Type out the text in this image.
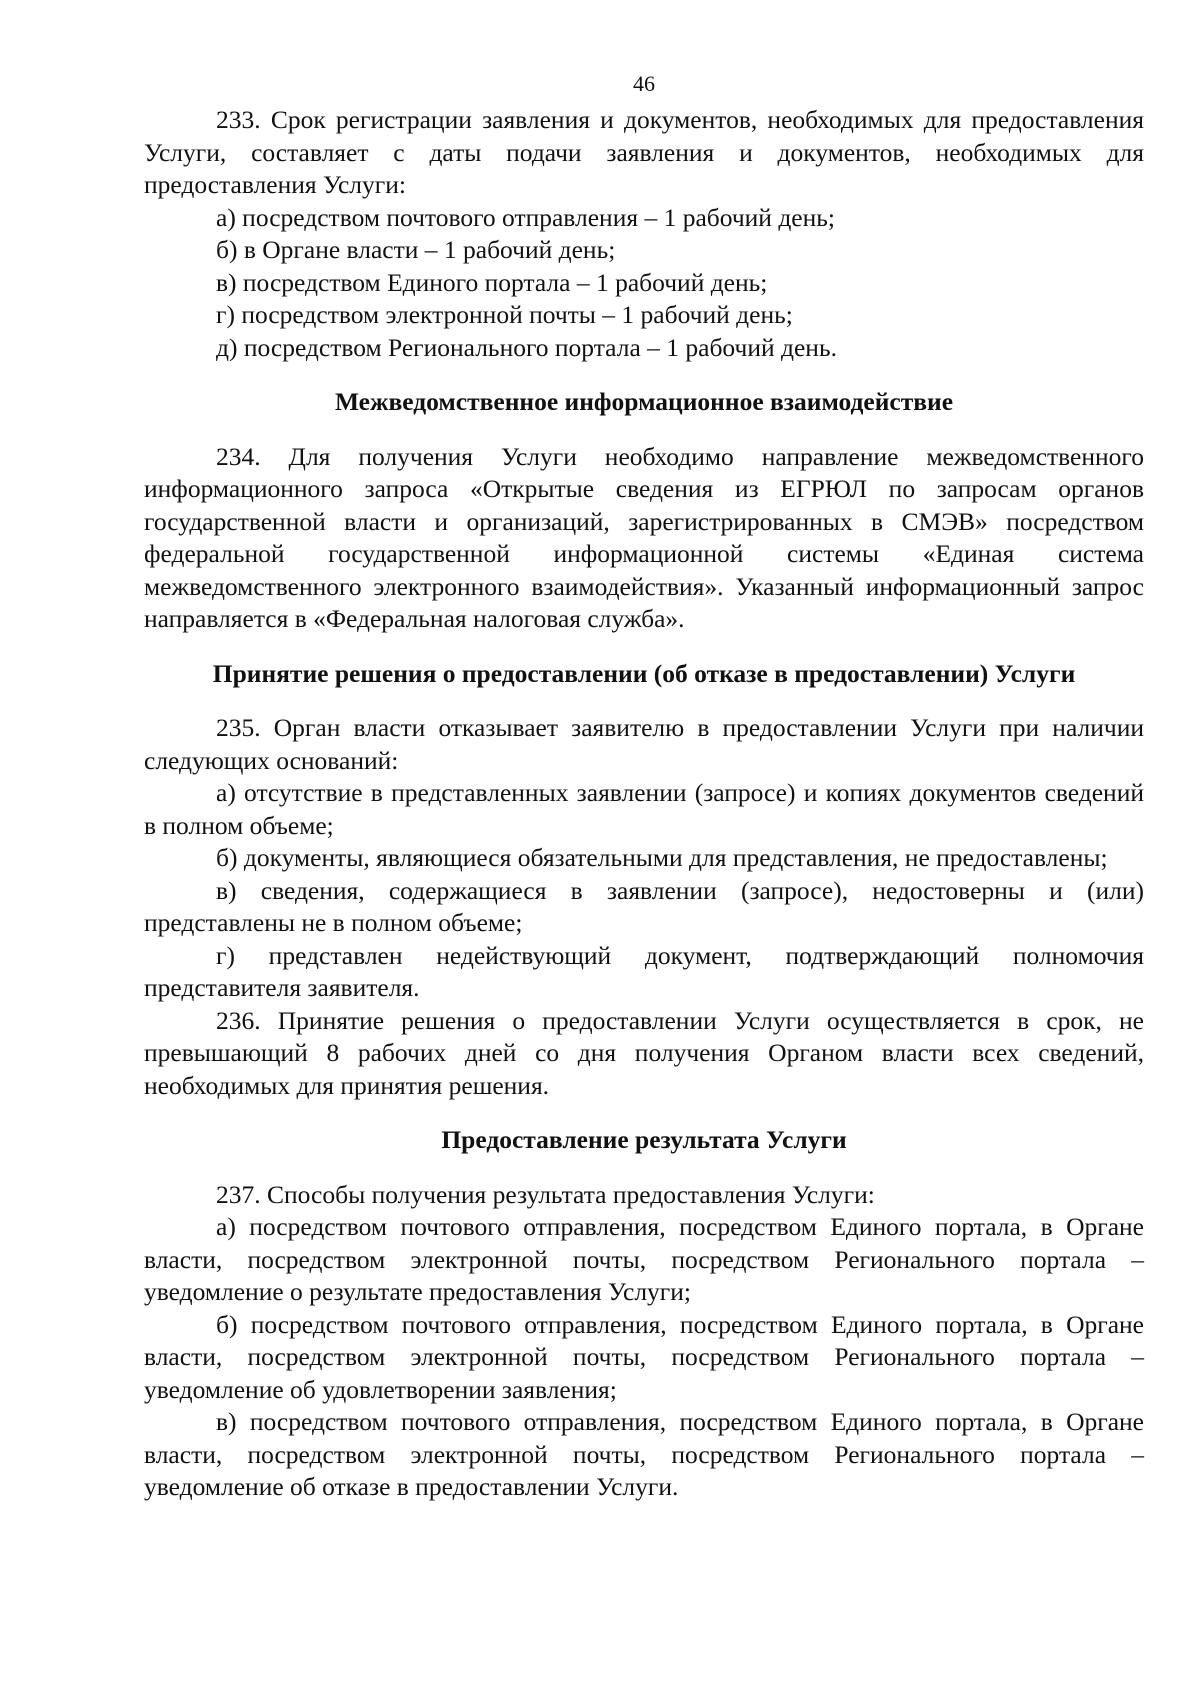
46

233. Срок регистрации заявления и документов, необходимых для предоставления Услуги, составляет с даты подачи заявления и документов, необходимых для предоставления Услуги:

а) посредством почтового отправления – 1 рабочий день;

б) в Органе власти – 1 рабочий день;

в) посредством Единого портала – 1 рабочий день;

г) посредством электронной почты – 1 рабочий день;

д) посредством Регионального портала – 1 рабочий день.

Межведомственное информационное взаимодействие

234. Для получения Услуги необходимо направление межведомственного информационного запроса «Открытые сведения из ЕГРЮЛ по запросам органов государственной власти и организаций, зарегистрированных в СМЭВ» посредством федеральной государственной информационной системы «Единая система межведомственного электронного взаимодействия». Указанный информационный запрос направляется в «Федеральная налоговая служба».

Принятие решения о предоставлении (об отказе в предоставлении) Услуги

235. Орган власти отказывает заявителю в предоставлении Услуги при наличии следующих оснований:

а) отсутствие в представленных заявлении (запросе) и копиях документов сведений в полном объеме;

б) документы, являющиеся обязательными для представления, не предоставлены;

в) сведения, содержащиеся в заявлении (запросе), недостоверны и (или) представлены не в полном объеме;

г) представлен недействующий документ, подтверждающий полномочия представителя заявителя.

236. Принятие решения о предоставлении Услуги осуществляется в срок, не превышающий 8 рабочих дней со дня получения Органом власти всех сведений, необходимых для принятия решения.

Предоставление результата Услуги

237. Способы получения результата предоставления Услуги:

а) посредством почтового отправления, посредством Единого портала, в Органе власти, посредством электронной почты, посредством Регионального портала – уведомление о результате предоставления Услуги;

б) посредством почтового отправления, посредством Единого портала, в Органе власти, посредством электронной почты, посредством Регионального портала – уведомление об удовлетворении заявления;

в) посредством почтового отправления, посредством Единого портала, в Органе власти, посредством электронной почты, посредством Регионального портала – уведомление об отказе в предоставлении Услуги.
